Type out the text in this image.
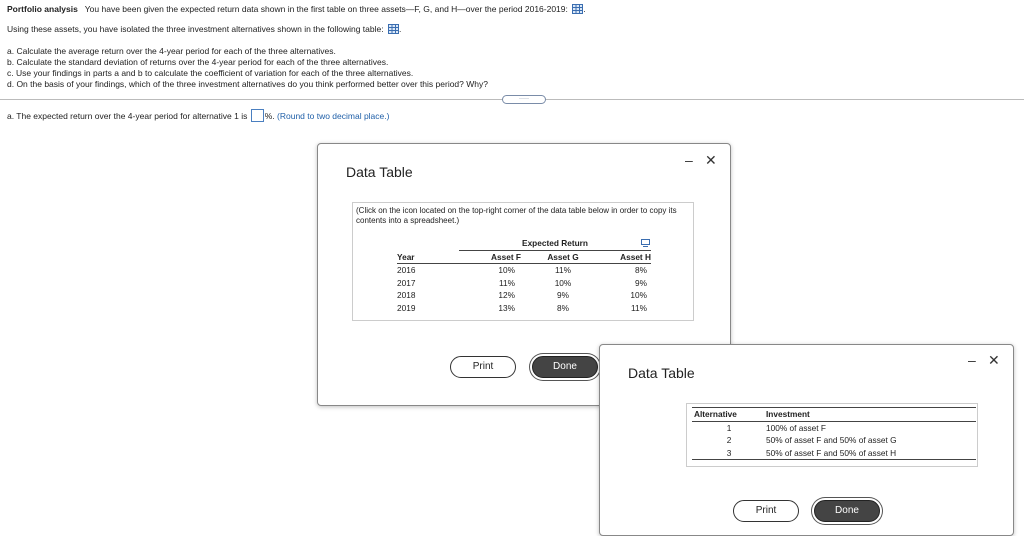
Portfolio analysis You have been given the expected return data shown in the first table on three assets—F, G, and H—over the period 2016-2019: .
Using these assets, you have isolated the three investment alternatives shown in the following table: .
a. Calculate the average return over the 4-year period for each of the three alternatives.
b. Calculate the standard deviation of returns over the 4-year period for each of the three alternatives.
c. Use your findings in parts a and b to calculate the coefficient of variation for each of the three alternatives.
d. On the basis of your findings, which of the three investment alternatives do you think performed better over this period? Why?
·····
a. The expected return over the 4-year period for alternative 1 is %. (Round to two decimal place.)
Data Table
– ✕
(Click on the icon located on the top-right corner of the data table below in order to copy its contents into a spreadsheet.)
	Expected Return		
Year	Asset F	Asset G	Asset H
2016	10%	11%	8%
2017	11%	10%	9%
2018	12%	9%	10%
2019	13%	8%	11%
Print	Done	Data Table
– ✕
Alternative	Investment
1	100% of asset F
2	50% of asset F and 50% of asset G
3	50% of asset F and 50% of asset H
Print	Done
